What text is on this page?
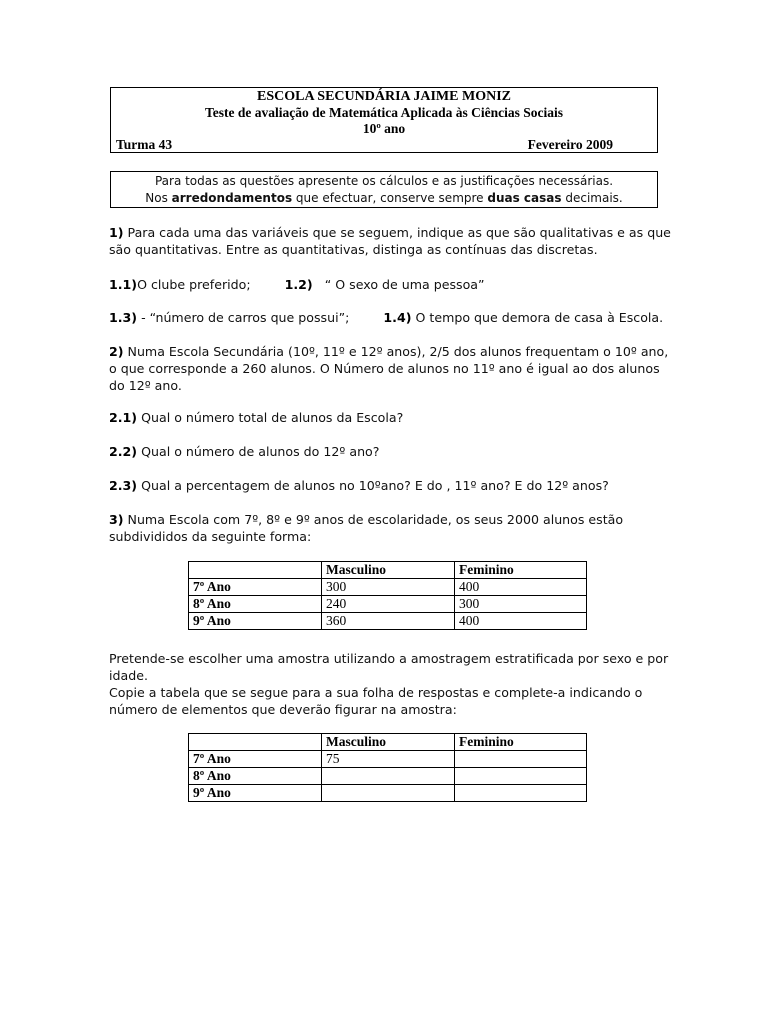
ESCOLA SECUNDÁRIA JAIME MONIZ
Teste de avaliação de Matemática Aplicada às Ciências Sociais
10º ano
Turma 43	Fevereiro 2009
Para todas as questões apresente os cálculos e as justificações necessárias.
Nos arredondamentos que efectuar, conserve sempre duas casas decimais.
1) Para cada uma das variáveis que se seguem, indique as que são qualitativas e as que
são quantitativas. Entre as quantitativas, distinga as contínuas das discretas.
1.1)O clube preferido;	1.2) “ O sexo de uma pessoa”
1.3) - “número de carros que possui”;	1.4) O tempo que demora de casa à Escola.
2) Numa Escola Secundária (10º, 11º e 12º anos), 2/5 dos alunos frequentam o 10º ano,
o que corresponde a 260 alunos. O Número de alunos no 11º ano é igual ao dos alunos
do 12º ano.
2.1) Qual o número total de alunos da Escola?
2.2) Qual o número de alunos do 12º ano?
2.3) Qual a percentagem de alunos no 10ºano? E do , 11º ano? E do 12º anos?
3) Numa Escola com 7º, 8º e 9º anos de escolaridade, os seus 2000 alunos estão
subdivididos da seguinte forma:
	Masculino	Feminino
7º Ano	300	400
8º Ano	240	300
9º Ano	360	400
Pretende-se escolher uma amostra utilizando a amostragem estratificada por sexo e por
idade.
Copie a tabela que se segue para a sua folha de respostas e complete-a indicando o
número de elementos que deverão figurar na amostra:
	Masculino	Feminino
7º Ano	75	
8º Ano		
9º Ano		
